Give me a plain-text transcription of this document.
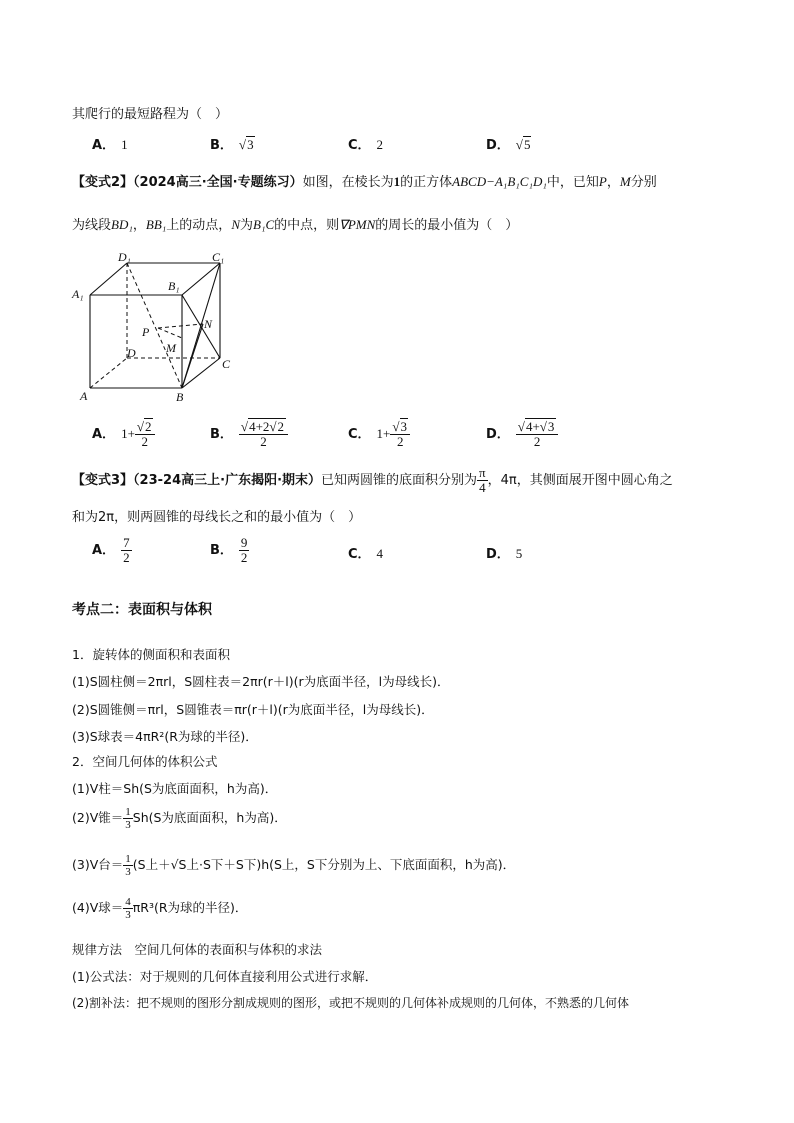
其爬行的最短路程为（　）
A． 1	B． √3	C． 2	D． √5
【变式2】（2024高三·全国·专题练习）如图，在棱长为1的正方体ABCD−A₁B₁C₁D₁中，已知P，M分别
为线段BD₁，BB₁上的动点，N为B₁C的中点，则∇PMN的周长的最小值为（　）
D₁	C₁
A₁
B₁
P
N
D	M
C
A	B
A． $1+ \frac{√2}{2}$	B． $\frac{√4+2√2}{2}$	C． $1+ \frac{√3}{2}$	D． $\frac{√4+√3}{2}$
【变式3】（23-24高三上·广东揭阳·期末）已知两圆锥的底面积分别为 $\frac{\pi}{4}$ ，4π，其侧面展开图中圆心角之
和为2π，则两圆锥的母线长之和的最小值为（　）
A． $\frac{7}{2}$	B． $\frac{9}{2}$	C． 4	D． 5
考点二：表面积与体积
1．旋转体的侧面积和表面积
(1)S圆柱侧＝2πrl，S圆柱表＝2πr(r＋l)(r为底面半径，l为母线长)．
(2)S圆锥侧＝πrl，S圆锥表＝πr(r＋l)(r为底面半径，l为母线长)．
(3)S球表＝4πR²(R为球的半径)．
2．空间几何体的体积公式
(1)V柱＝Sh(S为底面面积，h为高)．
(2)V锥＝ $\frac{1}{3} Sh(S$为底面面积，h为高)．
(3)V台＝ $\frac{1}{3} (S$上＋√S上·S下＋S下)h(S上，S下分别为上、下底面面积，h为高)．
(4)V球＝ $\frac{4}{3} \pi R^3(R$为球的半径)．
规律方法　空间几何体的表面积与体积的求法
(1)公式法：对于规则的几何体直接利用公式进行求解．
(2)割补法：把不规则的图形分割成规则的图形，或把不规则的几何体补成规则的几何体，不熟悉的几何体
